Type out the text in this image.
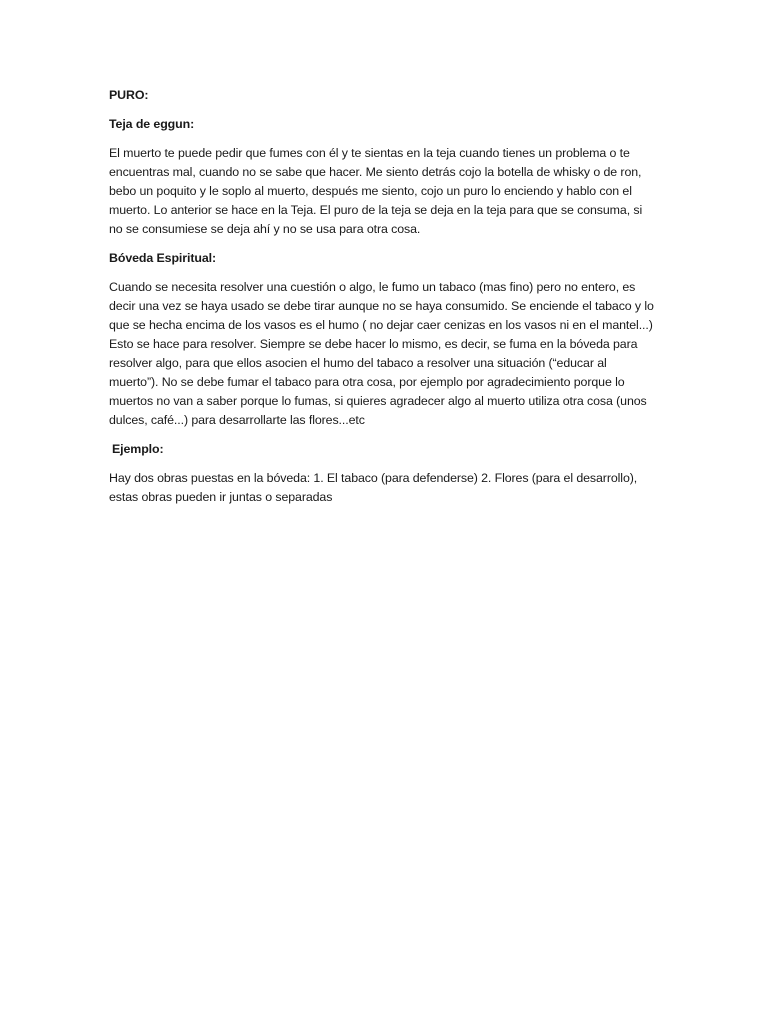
PURO:

Teja de eggun:

El muerto te puede pedir que fumes con él y te sientas en la teja cuando tienes un problema o te encuentras mal, cuando no se sabe que hacer. Me siento detrás cojo la botella de whisky o de ron, bebo un poquito y le soplo al muerto, después me siento, cojo un puro lo enciendo y hablo con el muerto. Lo anterior se hace en la Teja. El puro de la teja se deja en la teja para que se consuma, si no se consumiese se deja ahí y no se usa para otra cosa.

Bóveda Espiritual:

Cuando se necesita resolver una cuestión o algo, le fumo un tabaco (mas fino) pero no entero, es decir una vez se haya usado se debe tirar aunque no se haya consumido. Se enciende el tabaco y lo que se hecha encima de los vasos es el humo ( no dejar caer cenizas en los vasos ni en el mantel...) Esto se hace para resolver. Siempre se debe hacer lo mismo, es decir, se fuma en la bóveda para resolver algo, para que ellos asocien el humo del tabaco a resolver una situación (“educar al muerto”). No se debe fumar el tabaco para otra cosa, por ejemplo por agradecimiento porque lo muertos no van a saber porque lo fumas, si quieres agradecer algo al muerto utiliza otra cosa (unos dulces, café...) para desarrollarte las flores...etc

Ejemplo:

Hay dos obras puestas en la bóveda: 1. El tabaco (para defenderse) 2. Flores (para el desarrollo), estas obras pueden ir juntas o separadas
